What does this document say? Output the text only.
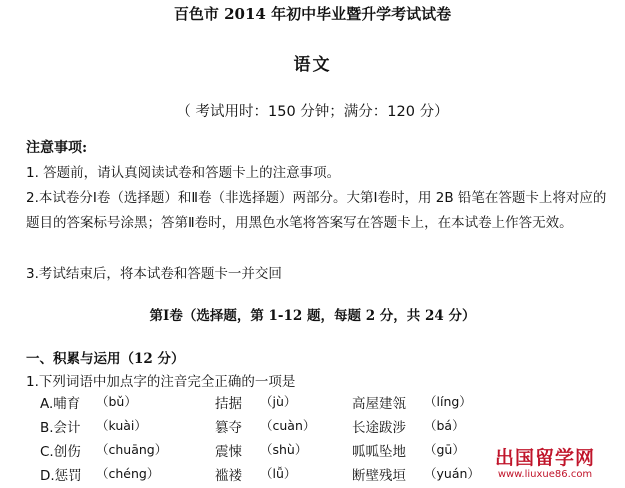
百色市 2014 年初中毕业暨升学考试试卷
语文
（ 考试用时：150 分钟；满分：120 分）
注意事项:
1. 答题前，请认真阅读试卷和答题卡上的注意事项。
2.本试卷分Ⅰ卷（选择题）和Ⅱ卷（非选择题）两部分。大第Ⅰ卷时，用 2B 铅笔在答题卡上将对应的题目的答案标号涂黑；答第Ⅱ卷时，用黑色水笔将答案写在答题卡上，在本试卷上作答无效。
3.考试结束后，将本试卷和答题卡一并交回
第Ⅰ卷（选择题，第 1-12 题，每题 2 分，共 24 分）
一、积累与运用（12 分）
1.下列词语中加点字的注音完全正确的一项是
A.哺育 （bǔ）	拮据 （jù）	高屋建瓴 （líng）
B.会计 （kuài）	篡夺 （cuàn）	长途跋涉 （bá）
C.创伤 （chuāng）	震悚 （shù）	呱呱坠地 （gū）
D.惩罚 （chéng）	褴褛 （lǚ）	断壁残垣 （yuán）
出国留学网
www.liuxue86.com
